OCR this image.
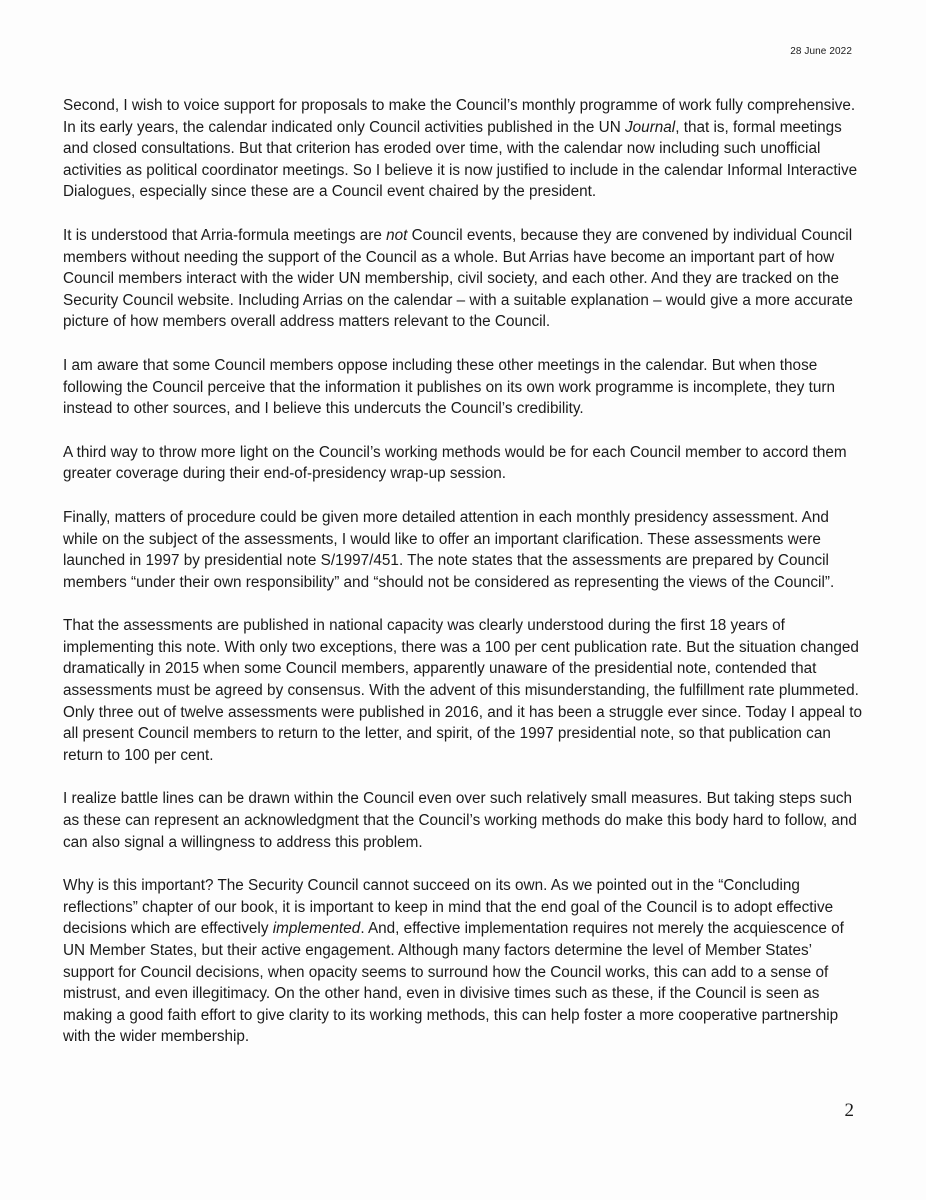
28 June 2022

Second, I wish to voice support for proposals to make the Council’s monthly programme of work fully comprehensive. In its early years, the calendar indicated only Council activities published in the UN Journal, that is, formal meetings and closed consultations. But that criterion has eroded over time, with the calendar now including such unofficial activities as political coordinator meetings. So I believe it is now justified to include in the calendar Informal Interactive Dialogues, especially since these are a Council event chaired by the president.

It is understood that Arria-formula meetings are not Council events, because they are convened by individual Council members without needing the support of the Council as a whole. But Arrias have become an important part of how Council members interact with the wider UN membership, civil society, and each other. And they are tracked on the Security Council website. Including Arrias on the calendar – with a suitable explanation – would give a more accurate picture of how members overall address matters relevant to the Council.

I am aware that some Council members oppose including these other meetings in the calendar. But when those following the Council perceive that the information it publishes on its own work programme is incomplete, they turn instead to other sources, and I believe this undercuts the Council’s credibility.

A third way to throw more light on the Council’s working methods would be for each Council member to accord them greater coverage during their end-of-presidency wrap-up session.

Finally, matters of procedure could be given more detailed attention in each monthly presidency assessment. And while on the subject of the assessments, I would like to offer an important clarification. These assessments were launched in 1997 by presidential note S/1997/451. The note states that the assessments are prepared by Council members “under their own responsibility” and “should not be considered as representing the views of the Council”.

That the assessments are published in national capacity was clearly understood during the first 18 years of implementing this note. With only two exceptions, there was a 100 per cent publication rate. But the situation changed dramatically in 2015 when some Council members, apparently unaware of the presidential note, contended that assessments must be agreed by consensus. With the advent of this misunderstanding, the fulfillment rate plummeted. Only three out of twelve assessments were published in 2016, and it has been a struggle ever since. Today I appeal to all present Council members to return to the letter, and spirit, of the 1997 presidential note, so that publication can return to 100 per cent.

I realize battle lines can be drawn within the Council even over such relatively small measures. But taking steps such as these can represent an acknowledgment that the Council’s working methods do make this body hard to follow, and can also signal a willingness to address this problem.

Why is this important? The Security Council cannot succeed on its own. As we pointed out in the “Concluding reflections” chapter of our book, it is important to keep in mind that the end goal of the Council is to adopt effective decisions which are effectively implemented. And, effective implementation requires not merely the acquiescence of UN Member States, but their active engagement. Although many factors determine the level of Member States’ support for Council decisions, when opacity seems to surround how the Council works, this can add to a sense of mistrust, and even illegitimacy. On the other hand, even in divisive times such as these, if the Council is seen as making a good faith effort to give clarity to its working methods, this can help foster a more cooperative partnership with the wider membership.

2
